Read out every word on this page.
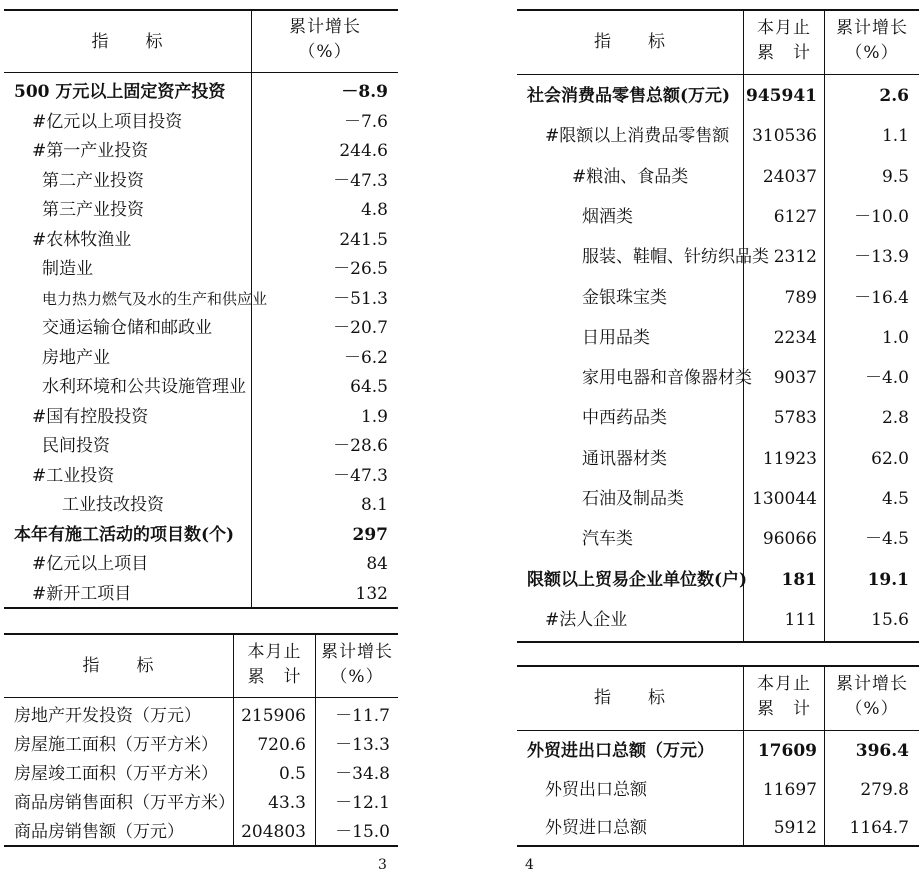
指　　标
累计增长
（%）
500 万元以上固定资产投资	－8.9
#亿元以上项目投资	－7.6
#第一产业投资	244.6
第二产业投资	－47.3
第三产业投资	4.8
#农林牧渔业	241.5
制造业	－26.5
电力热力燃气及水的生产和供应业	－51.3
交通运输仓储和邮政业	－20.7
房地产业	－6.2
水利环境和公共设施管理业	64.5
#国有控股投资	1.9
民间投资	－28.6
#工业投资	－47.3
工业技改投资	8.1
本年有施工活动的项目数(个)	297
#亿元以上项目	84
#新开工项目	132
指　　标
本月止
累　计
累计增长
（%）
房地产开发投资（万元） 215906 －11.7
房屋施工面积（万平方米） 720.6 －13.3
房屋竣工面积（万平方米）	0.5 －34.8
商品房销售面积（万平方米） 43.3 －12.1
商品房销售额（万元）	204803 －15.0
3
指　　标
本月止
累　计
累计增长
（%）
社会消费品零售总额(万元) 945941	2.6
#限额以上消费品零售额 310536	1.1
#粮油、食品类	24037	9.5
烟酒类	6127 －10.0
服装、鞋帽、针纺织品类 2312 －13.9
金银珠宝类	789 －16.4
日用品类	2234	1.0
家用电器和音像器材类 9037	－4.0
中西药品类	5783	2.8
通讯器材类	11923	62.0
石油及制品类	130044	4.5
汽车类	96066	－4.5
限额以上贸易企业单位数(户) 181	19.1
#法人企业	111	15.6
指　　标
本月止
累　计
累计增长
（%）
外贸进出口总额（万元）	17609 396.4
外贸出口总额	11697	279.8
外贸进口总额	5912 1164.7
4
